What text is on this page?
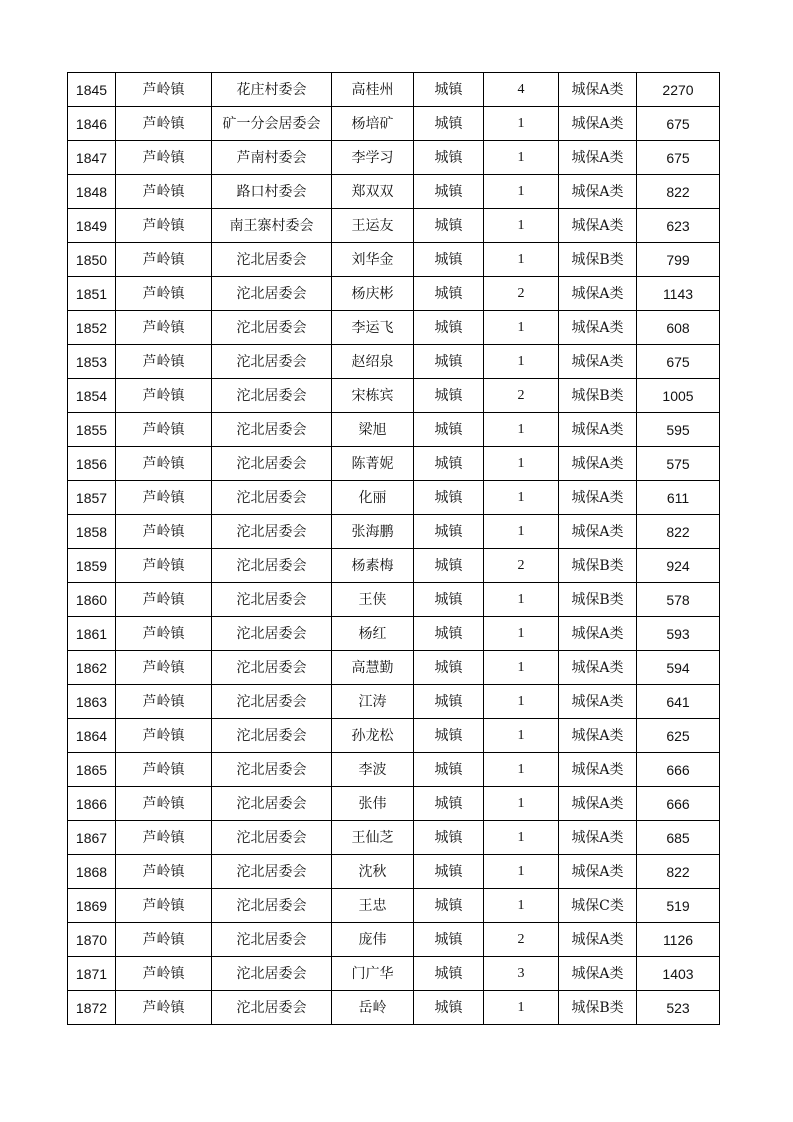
1845	芦岭镇	花庄村委会	高桂州	城镇	4	城保A类	2270
1846	芦岭镇	矿一分会居委会	杨培矿	城镇	1	城保A类	675
1847	芦岭镇	芦南村委会	李学习	城镇	1	城保A类	675
1848	芦岭镇	路口村委会	郑双双	城镇	1	城保A类	822
1849	芦岭镇	南王寨村委会	王运友	城镇	1	城保A类	623
1850	芦岭镇	沱北居委会	刘华金	城镇	1	城保B类	799
1851	芦岭镇	沱北居委会	杨庆彬	城镇	2	城保A类	1143
1852	芦岭镇	沱北居委会	李运飞	城镇	1	城保A类	608
1853	芦岭镇	沱北居委会	赵绍泉	城镇	1	城保A类	675
1854	芦岭镇	沱北居委会	宋栋宾	城镇	2	城保B类	1005
1855	芦岭镇	沱北居委会	梁旭	城镇	1	城保A类	595
1856	芦岭镇	沱北居委会	陈菁妮	城镇	1	城保A类	575
1857	芦岭镇	沱北居委会	化丽	城镇	1	城保A类	611
1858	芦岭镇	沱北居委会	张海鹏	城镇	1	城保A类	822
1859	芦岭镇	沱北居委会	杨素梅	城镇	2	城保B类	924
1860	芦岭镇	沱北居委会	王侠	城镇	1	城保B类	578
1861	芦岭镇	沱北居委会	杨红	城镇	1	城保A类	593
1862	芦岭镇	沱北居委会	高慧勤	城镇	1	城保A类	594
1863	芦岭镇	沱北居委会	江涛	城镇	1	城保A类	641
1864	芦岭镇	沱北居委会	孙龙松	城镇	1	城保A类	625
1865	芦岭镇	沱北居委会	李波	城镇	1	城保A类	666
1866	芦岭镇	沱北居委会	张伟	城镇	1	城保A类	666
1867	芦岭镇	沱北居委会	王仙芝	城镇	1	城保A类	685
1868	芦岭镇	沱北居委会	沈秋	城镇	1	城保A类	822
1869	芦岭镇	沱北居委会	王忠	城镇	1	城保C类	519
1870	芦岭镇	沱北居委会	庞伟	城镇	2	城保A类	1126
1871	芦岭镇	沱北居委会	门广华	城镇	3	城保A类	1403
1872	芦岭镇	沱北居委会	岳岭	城镇	1	城保B类	523
